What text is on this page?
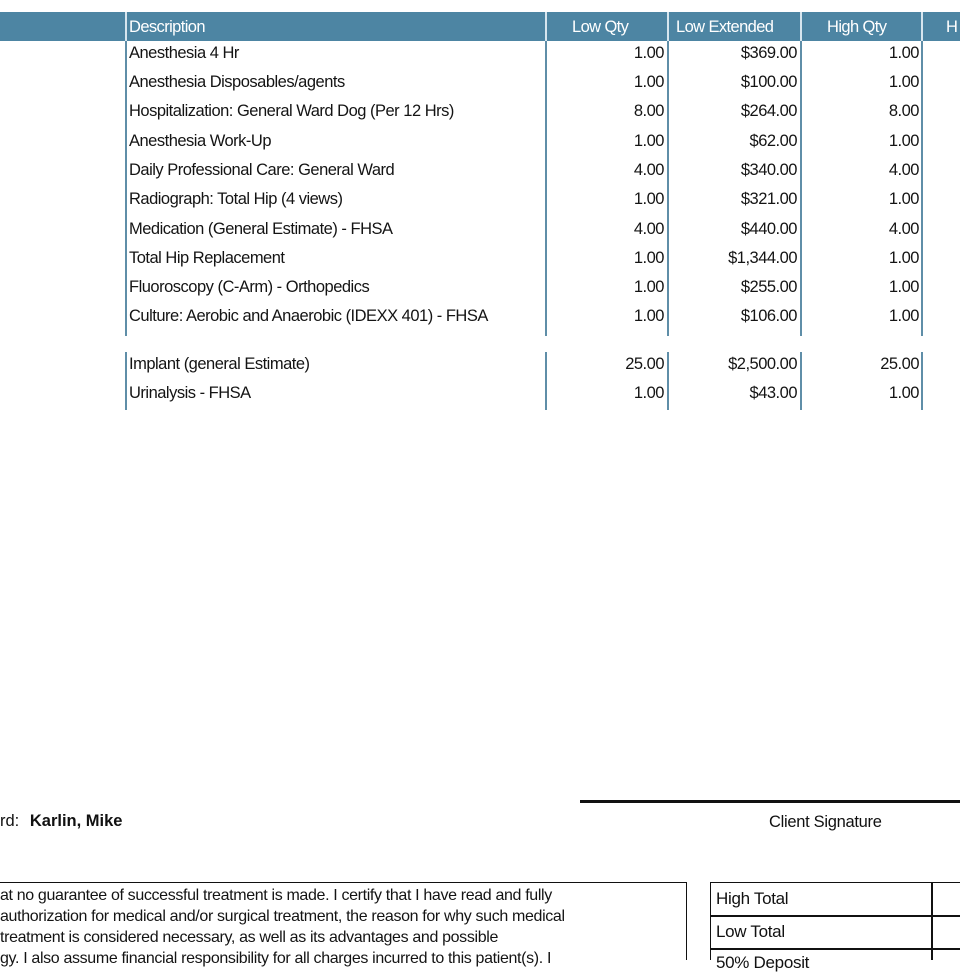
Description	Low Qty	Low Extended	High Qty	H
Anesthesia 4 Hr	1.00	$369.00	1.00
Anesthesia Disposables/agents	1.00	$100.00	1.00
Hospitalization: General Ward Dog (Per 12 Hrs)	8.00	$264.00	8.00
Anesthesia Work-Up	1.00	$62.00	1.00
Daily Professional Care: General Ward	4.00	$340.00	4.00
Radiograph: Total Hip (4 views)	1.00	$321.00	1.00
Medication (General Estimate) - FHSA	4.00	$440.00	4.00
Total Hip Replacement	1.00	$1,344.00	1.00
Fluoroscopy (C-Arm) - Orthopedics	1.00	$255.00	1.00
Culture: Aerobic and Anaerobic (IDEXX 401) - FHSA	1.00	$106.00	1.00
Implant (general Estimate)	25.00	$2,500.00	25.00
Urinalysis - FHSA	1.00	$43.00	1.00
rd: Karlin, Mike	Client Signature
at no guarantee of successful treatment is made. I certify that I have read and fully
authorization for medical and/or surgical treatment, the reason for why such medical
treatment is considered necessary, as well as its advantages and possible
gy. I also assume financial responsibility for all charges incurred to this patient(s). I
High Total
Low Total
50% Deposit
